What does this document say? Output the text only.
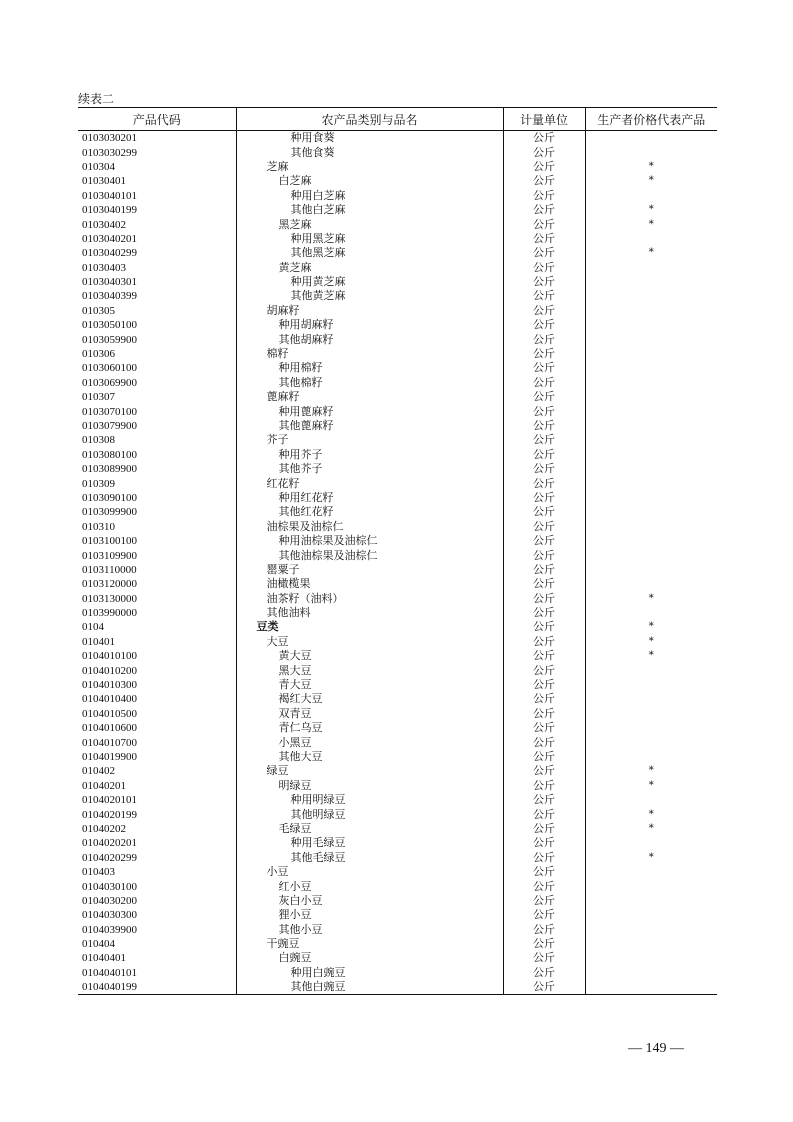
续表二
产品代码	农产品类别与品名	计量单位	生产者价格代表产品
0103030201	种用食葵	公斤	
0103030299	其他食葵	公斤	
010304	芝麻	公斤	*
01030401	白芝麻	公斤	*
0103040101	种用白芝麻	公斤	
0103040199	其他白芝麻	公斤	*
01030402	黑芝麻	公斤	*
0103040201	种用黑芝麻	公斤	
0103040299	其他黑芝麻	公斤	*
01030403	黄芝麻	公斤	
0103040301	种用黄芝麻	公斤	
0103040399	其他黄芝麻	公斤	
010305	胡麻籽	公斤	
0103050100	种用胡麻籽	公斤	
0103059900	其他胡麻籽	公斤	
010306	棉籽	公斤	
0103060100	种用棉籽	公斤	
0103069900	其他棉籽	公斤	
010307	蓖麻籽	公斤	
0103070100	种用蓖麻籽	公斤	
0103079900	其他蓖麻籽	公斤	
010308	芥子	公斤	
0103080100	种用芥子	公斤	
0103089900	其他芥子	公斤	
010309	红花籽	公斤	
0103090100	种用红花籽	公斤	
0103099900	其他红花籽	公斤	
010310	油棕果及油棕仁	公斤	
0103100100	种用油棕果及油棕仁	公斤	
0103109900	其他油棕果及油棕仁	公斤	
0103110000	罂粟子	公斤	
0103120000	油橄榄果	公斤	
0103130000	油茶籽（油料）	公斤	*
0103990000	其他油料	公斤	
0104	豆类	公斤	*
010401	大豆	公斤	*
0104010100	黄大豆	公斤	*
0104010200	黑大豆	公斤	
0104010300	青大豆	公斤	
0104010400	褐红大豆	公斤	
0104010500	双青豆	公斤	
0104010600	青仁乌豆	公斤	
0104010700	小黑豆	公斤	
0104019900	其他大豆	公斤	
010402	绿豆	公斤	*
01040201	明绿豆	公斤	*
0104020101	种用明绿豆	公斤	
0104020199	其他明绿豆	公斤	*
01040202	毛绿豆	公斤	*
0104020201	种用毛绿豆	公斤	
0104020299	其他毛绿豆	公斤	*
010403	小豆	公斤	
0104030100	红小豆	公斤	
0104030200	灰白小豆	公斤	
0104030300	狸小豆	公斤	
0104039900	其他小豆	公斤	
010404	干豌豆	公斤	
01040401	白豌豆	公斤	
0104040101	种用白豌豆	公斤	
0104040199	其他白豌豆	公斤	
— 149 —
